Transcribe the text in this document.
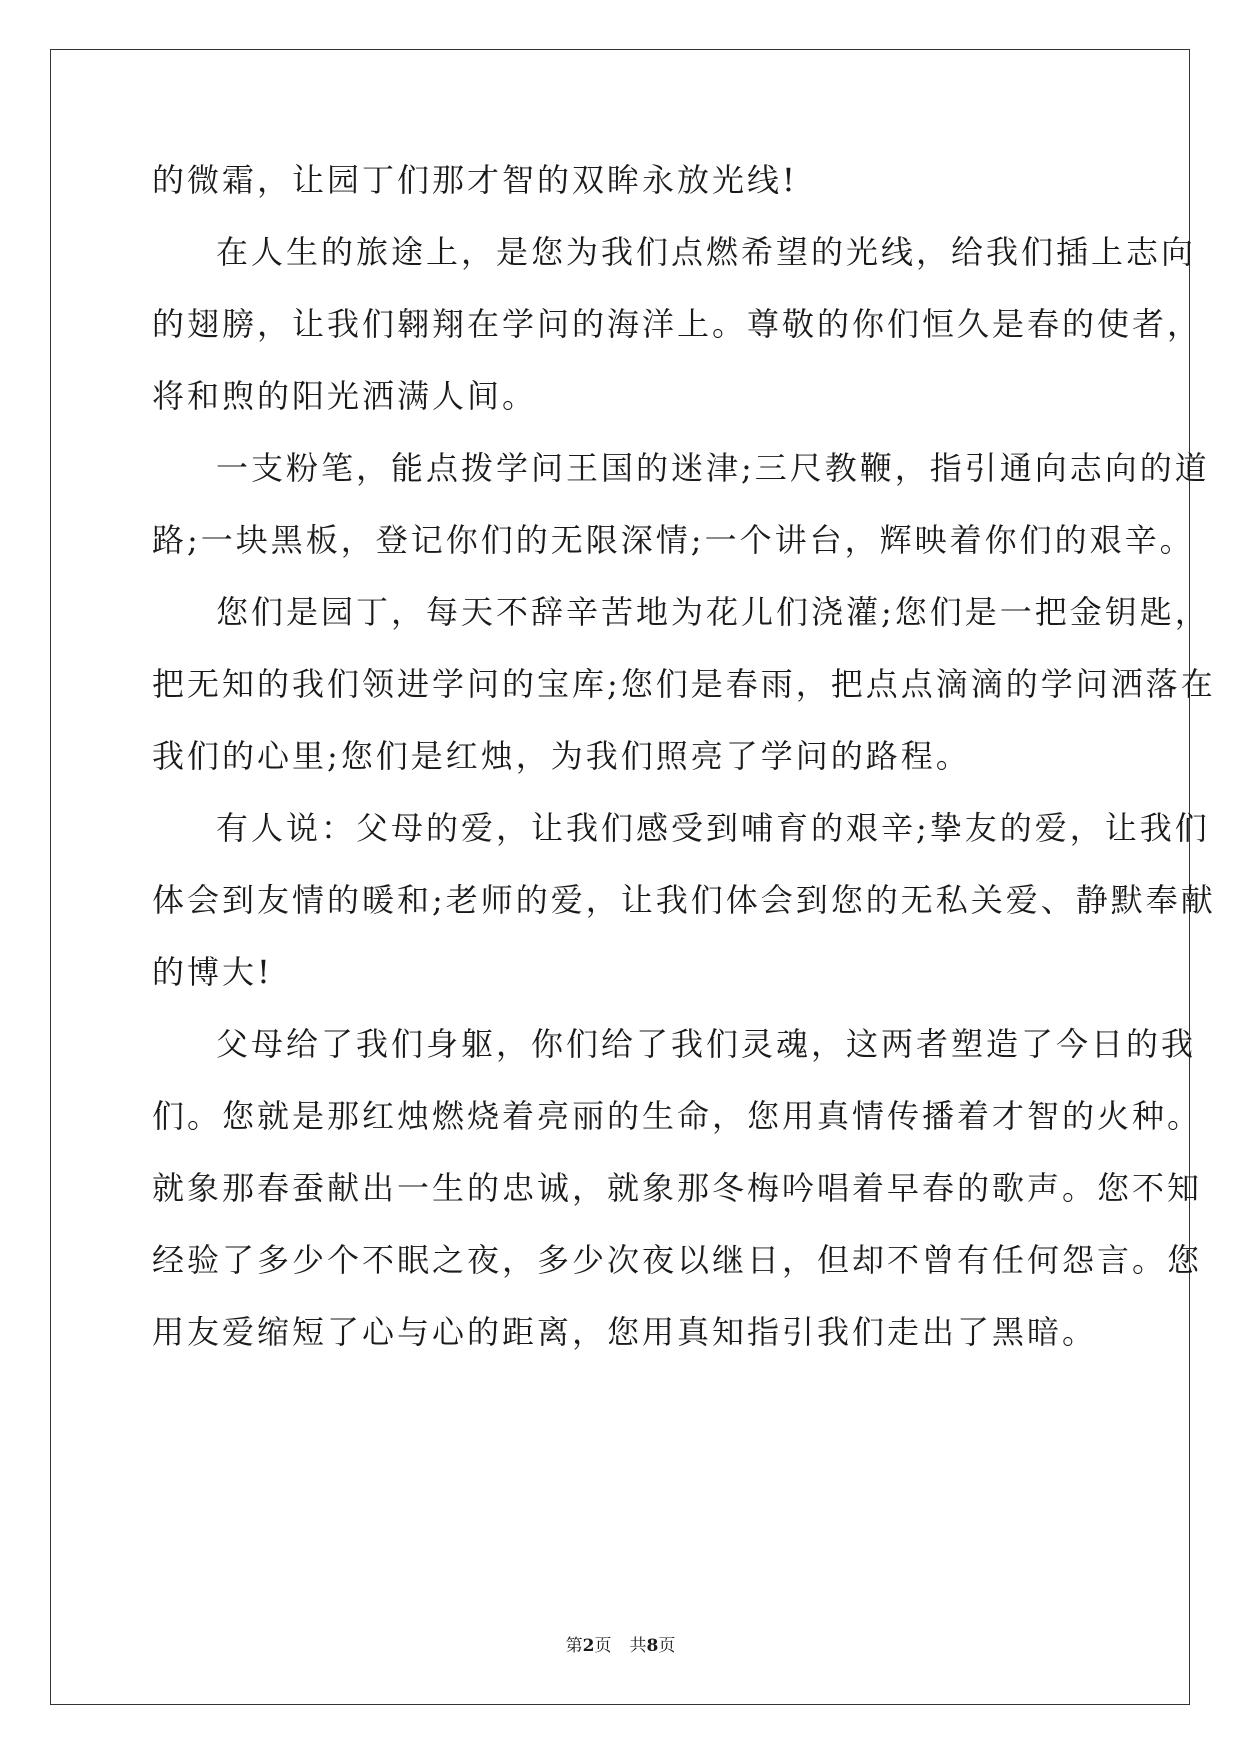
的微霜，让园丁们那才智的双眸永放光线!
在人生的旅途上，是您为我们点燃希望的光线，给我们插上志向
的翅膀，让我们翱翔在学问的海洋上。尊敬的你们恒久是春的使者，
将和煦的阳光洒满人间。
一支粉笔，能点拨学问王国的迷津;三尺教鞭，指引通向志向的道
路;一块黑板，登记你们的无限深情;一个讲台，辉映着你们的艰辛。
您们是园丁，每天不辞辛苦地为花儿们浇灌;您们是一把金钥匙，
把无知的我们领进学问的宝库;您们是春雨，把点点滴滴的学问洒落在
我们的心里;您们是红烛，为我们照亮了学问的路程。
有人说：父母的爱，让我们感受到哺育的艰辛;挚友的爱，让我们
体会到友情的暖和;老师的爱，让我们体会到您的无私关爱、静默奉献
的博大!
父母给了我们身躯，你们给了我们灵魂，这两者塑造了今日的我
们。您就是那红烛燃烧着亮丽的生命，您用真情传播着才智的火种。
就象那春蚕献出一生的忠诚，就象那冬梅吟唱着早春的歌声。您不知
经验了多少个不眠之夜，多少次夜以继日，但却不曾有任何怨言。您
用友爱缩短了心与心的距离，您用真知指引我们走出了黑暗。
第2页 共8页
